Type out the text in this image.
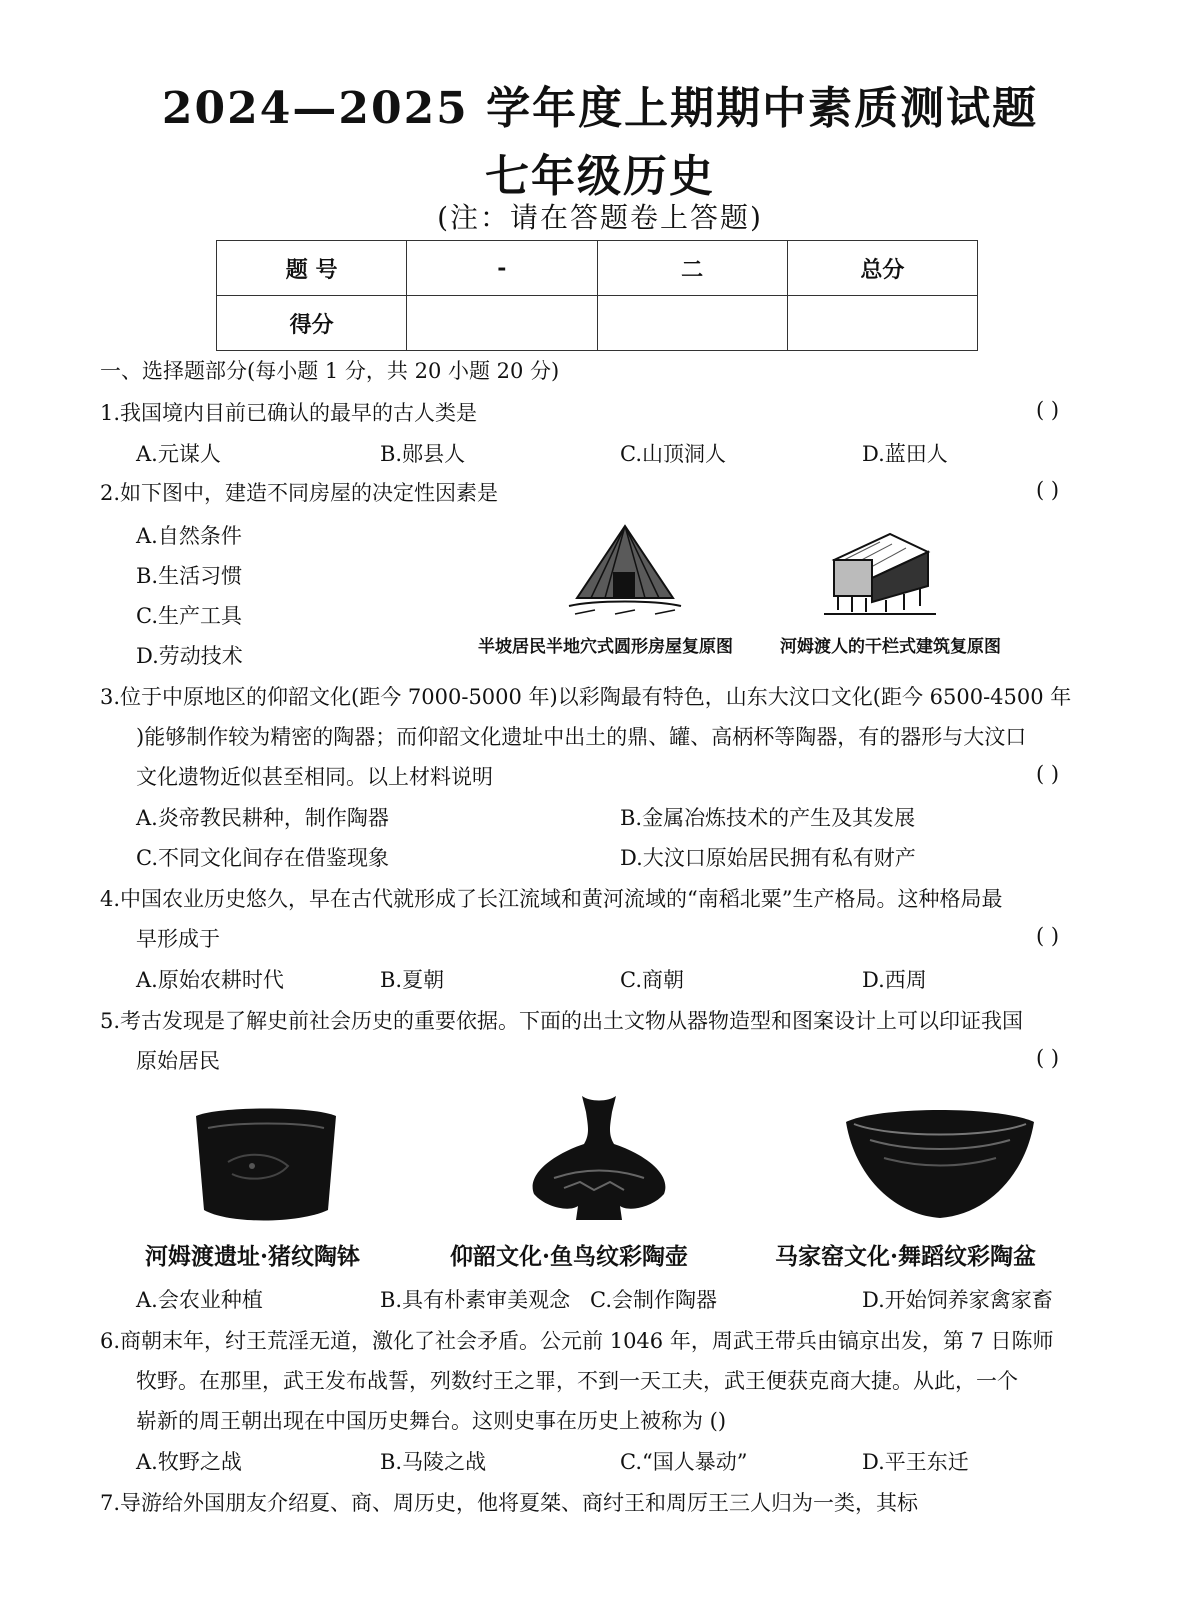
2024—2025 学年度上期期中素质测试题
七年级历史
(注：请在答题卷上答题)
题 号	-	二	总分
得分			
一、选择题部分(每小题 1 分，共 20 小题 20 分)
1.我国境内目前已确认的最早的古人类是	( )
A.元谋人	B.郧县人	C.山顶洞人	D.蓝田人
2.如下图中，建造不同房屋的决定性因素是	( )
A.自然条件
B.生活习惯
C.生产工具
D.劳动技术	半坡居民半地穴式圆形房屋复原图	河姆渡人的干栏式建筑复原图
3.位于中原地区的仰韶文化(距今 7000-5000 年)以彩陶最有特色，山东大汶口文化(距今 6500-4500 年
)能够制作较为精密的陶器；而仰韶文化遗址中出土的鼎、罐、高柄杯等陶器，有的器形与大汶口
文化遗物近似甚至相同。以上材料说明	( )
A.炎帝教民耕种，制作陶器	B.金属冶炼技术的产生及其发展
C.不同文化间存在借鉴现象	D.大汶口原始居民拥有私有财产
4.中国农业历史悠久，早在古代就形成了长江流域和黄河流域的“南稻北粟”生产格局。这种格局最
早形成于	( )
A.原始农耕时代	B.夏朝	C.商朝	D.西周
5.考古发现是了解史前社会历史的重要依据。下面的出土文物从器物造型和图案设计上可以印证我国
原始居民	( )
河姆渡遗址·猪纹陶钵	仰韶文化·鱼鸟纹彩陶壶	马家窑文化·舞蹈纹彩陶盆
A.会农业种植	B.具有朴素审美观念 C.会制作陶器	D.开始饲养家禽家畜
6.商朝末年，纣王荒淫无道，激化了社会矛盾。公元前 1046 年，周武王带兵由镐京出发，第 7 日陈师
牧野。在那里，武王发布战誓，列数纣王之罪，不到一天工夫，武王便获克商大捷。从此，一个
崭新的周王朝出现在中国历史舞台。这则史事在历史上被称为 ()
A.牧野之战	B.马陵之战	C.“国人暴动”	D.平王东迁
7.导游给外国朋友介绍夏、商、周历史，他将夏桀、商纣王和周厉王三人归为一类，其标
